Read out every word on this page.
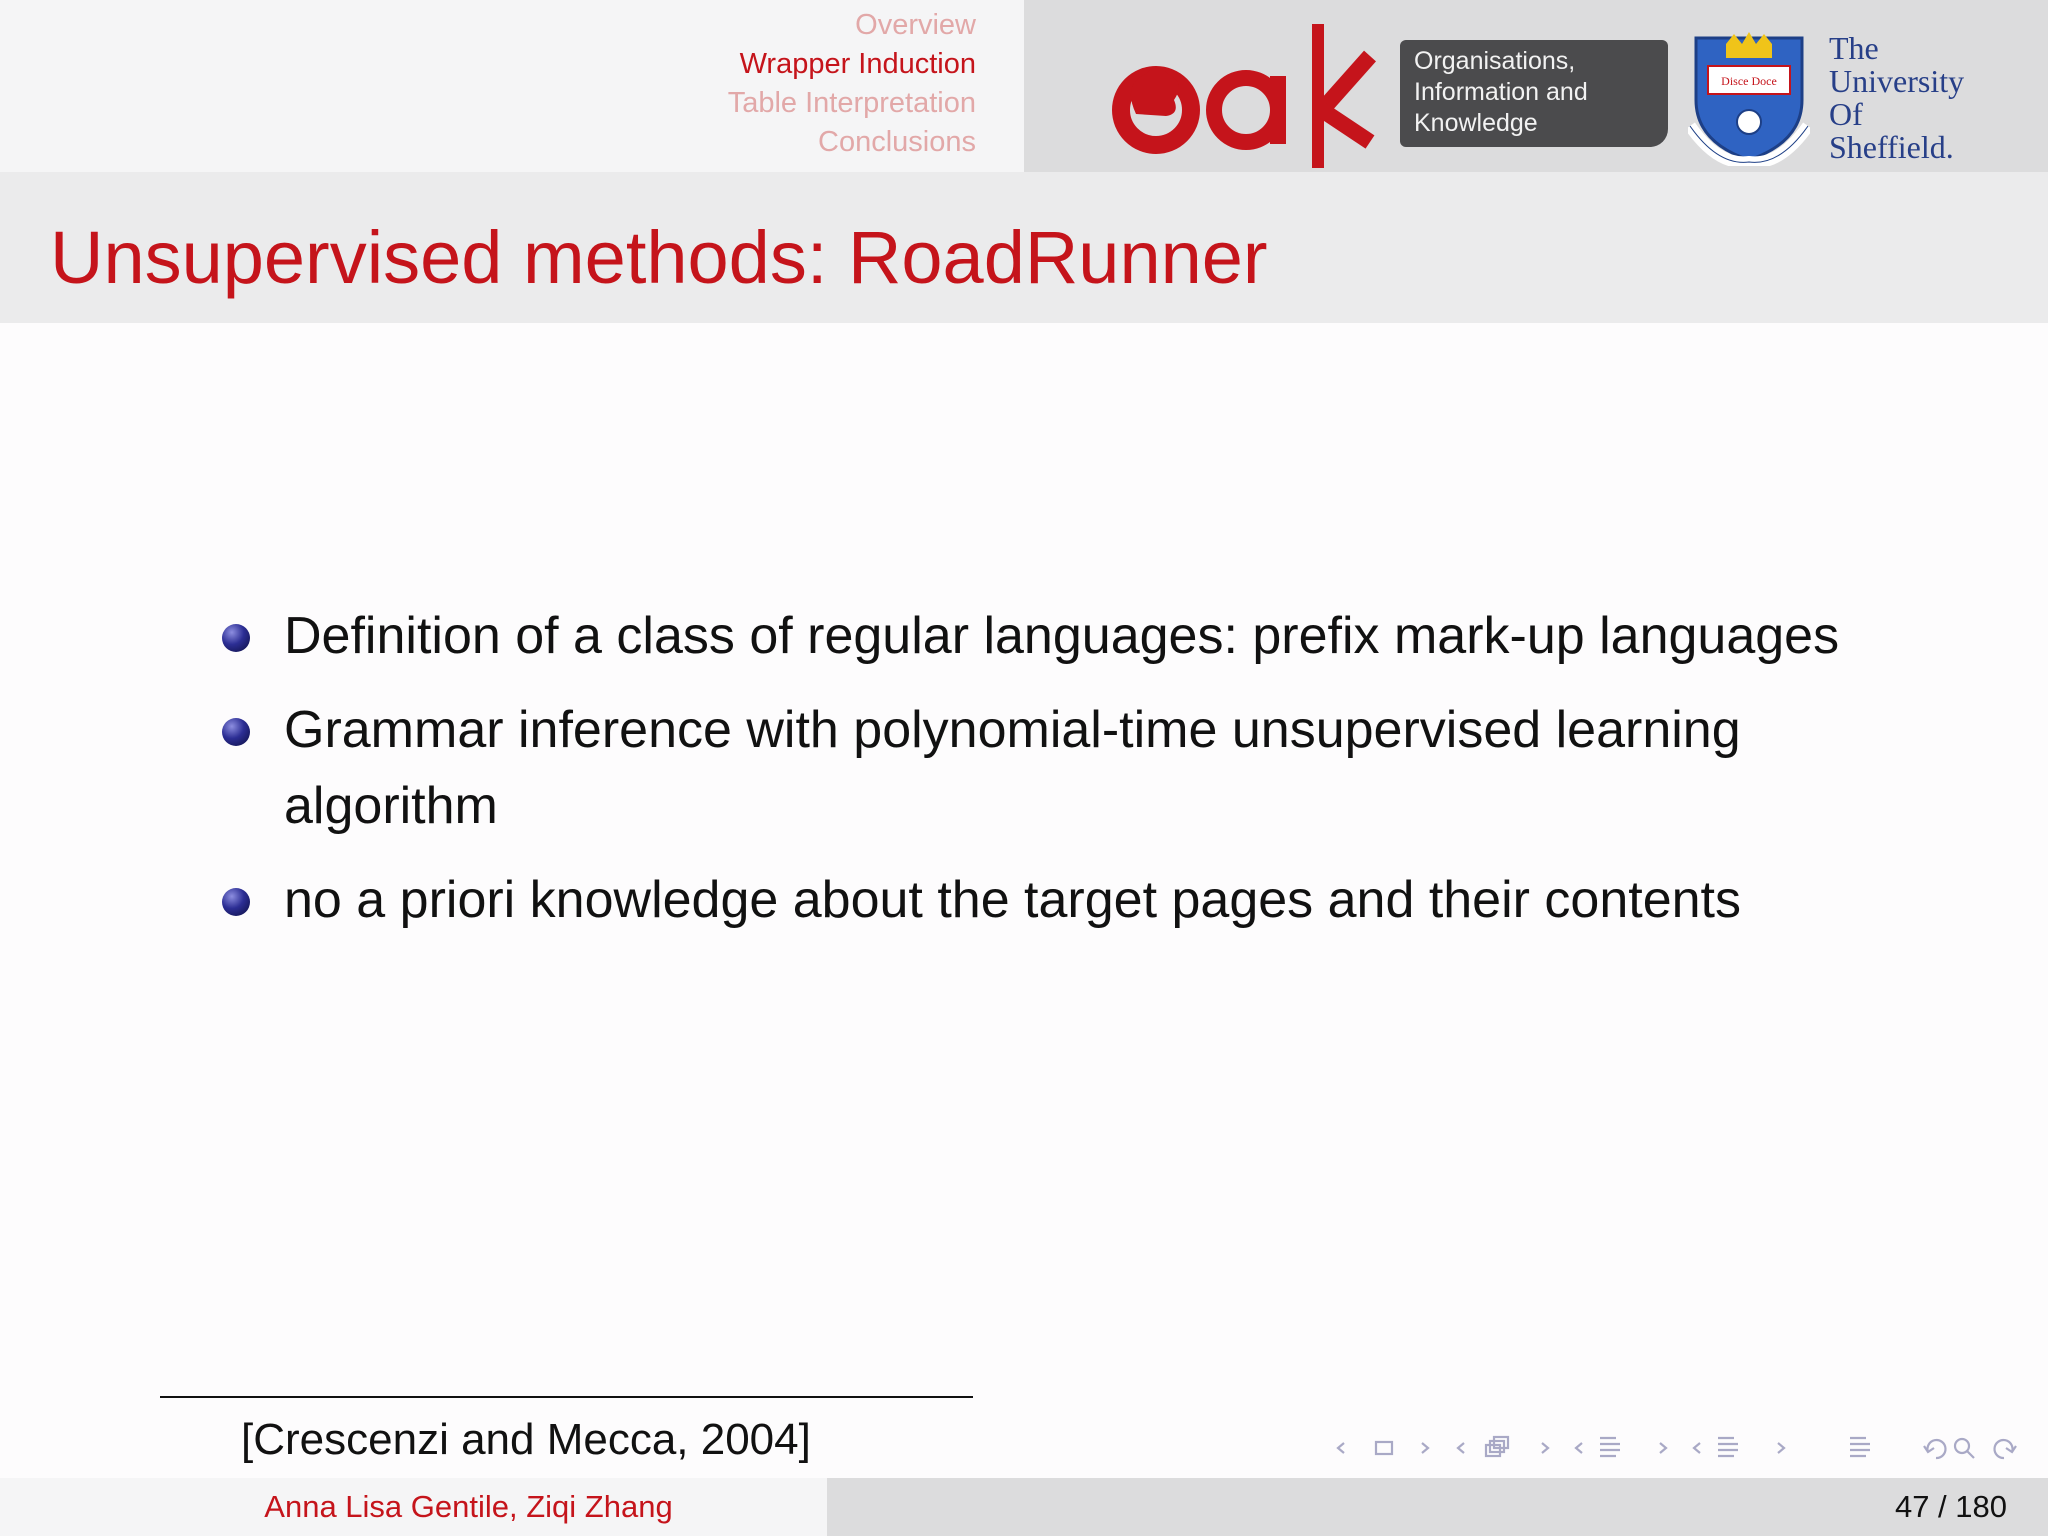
Overview
Wrapper Induction
Table Interpretation
Conclusions
Organisations,
Information and
Knowledge
Disce Doce
The
University
Of
Sheffield.
Unsupervised methods: RoadRunner
Definition of a class of regular languages: prefix mark-up languages
Grammar inference with polynomial-time unsupervised learning algorithm
no a priori knowledge about the target pages and their contents
[Crescenzi and Mecca, 2004]
Anna Lisa Gentile, Ziqi Zhang	47 / 180
